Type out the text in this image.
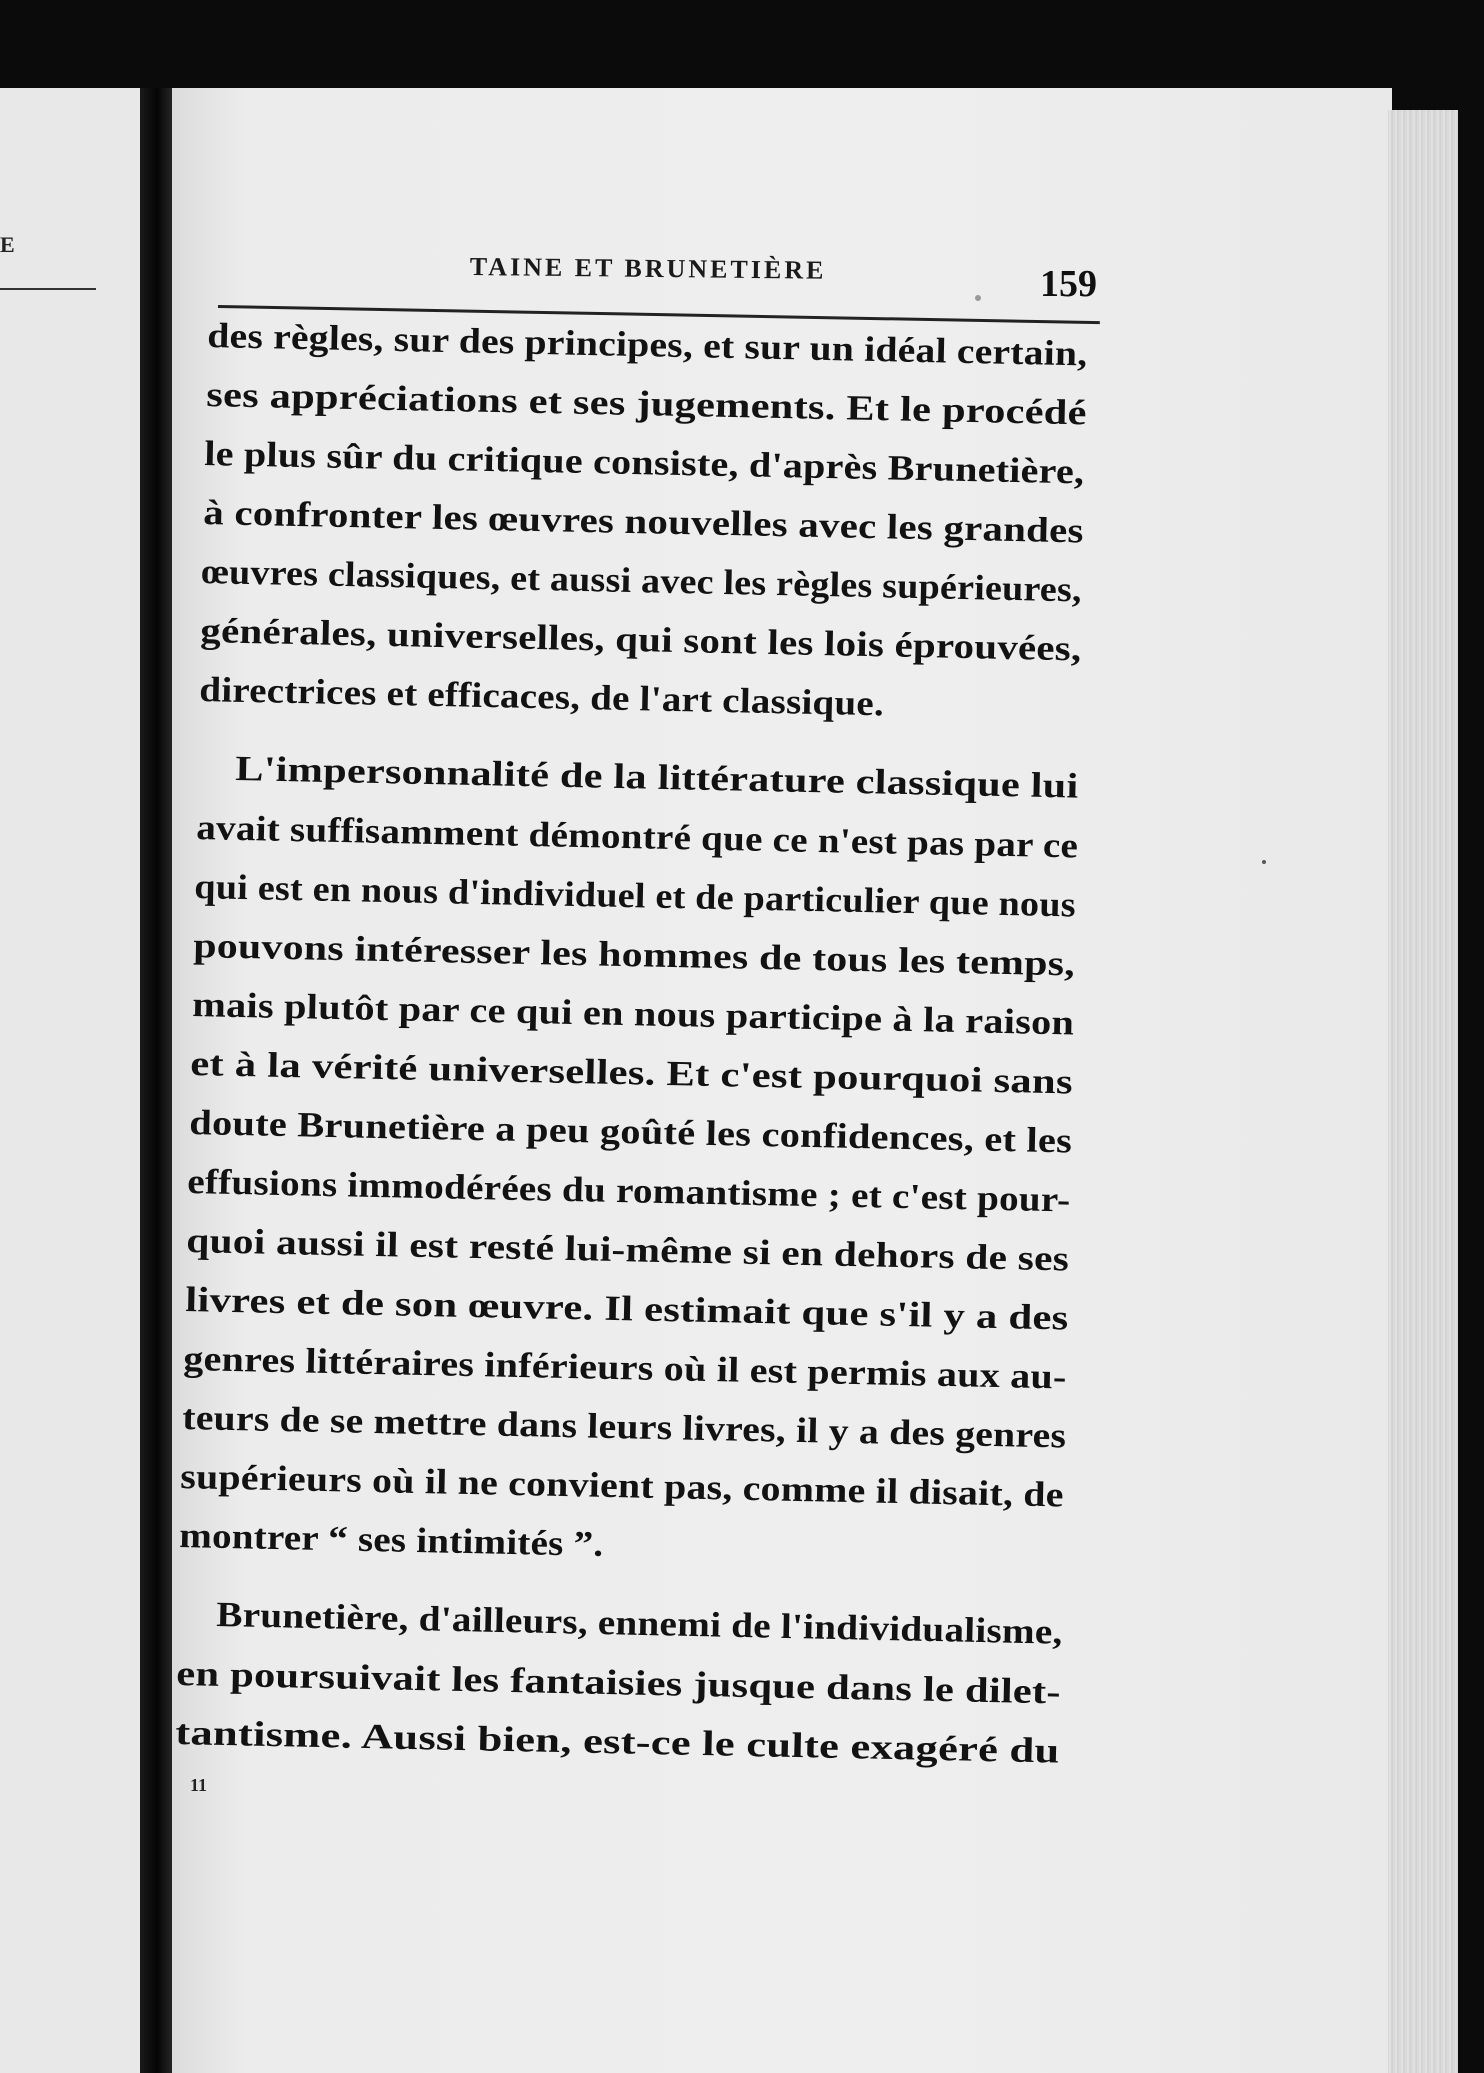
E
TAINE ET BRUNETIÈRE	159
des règles, sur des principes, et sur un idéal certain,
ses appréciations et ses jugements. Et le procédé
le plus sûr du critique consiste, d'après Brunetière,
à confronter les œuvres nouvelles avec les grandes
œuvres classiques, et aussi avec les règles supérieures,
générales, universelles, qui sont les lois éprouvées,
directrices et efficaces, de l'art classique.
L'impersonnalité de la littérature classique lui
avait suffisamment démontré que ce n'est pas par ce
qui est en nous d'individuel et de particulier que nous
pouvons intéresser les hommes de tous les temps,
mais plutôt par ce qui en nous participe à la raison
et à la vérité universelles. Et c'est pourquoi sans
doute Brunetière a peu goûté les confidences, et les
effusions immodérées du romantisme ; et c'est pour-
quoi aussi il est resté lui-même si en dehors de ses
livres et de son œuvre. Il estimait que s'il y a des
genres littéraires inférieurs où il est permis aux au-
teurs de se mettre dans leurs livres, il y a des genres
supérieurs où il ne convient pas, comme il disait, de
montrer “ ses intimités ”.
Brunetière, d'ailleurs, ennemi de l'individualisme,
en poursuivait les fantaisies jusque dans le dilet-
tantisme. Aussi bien, est-ce le culte exagéré du
11
